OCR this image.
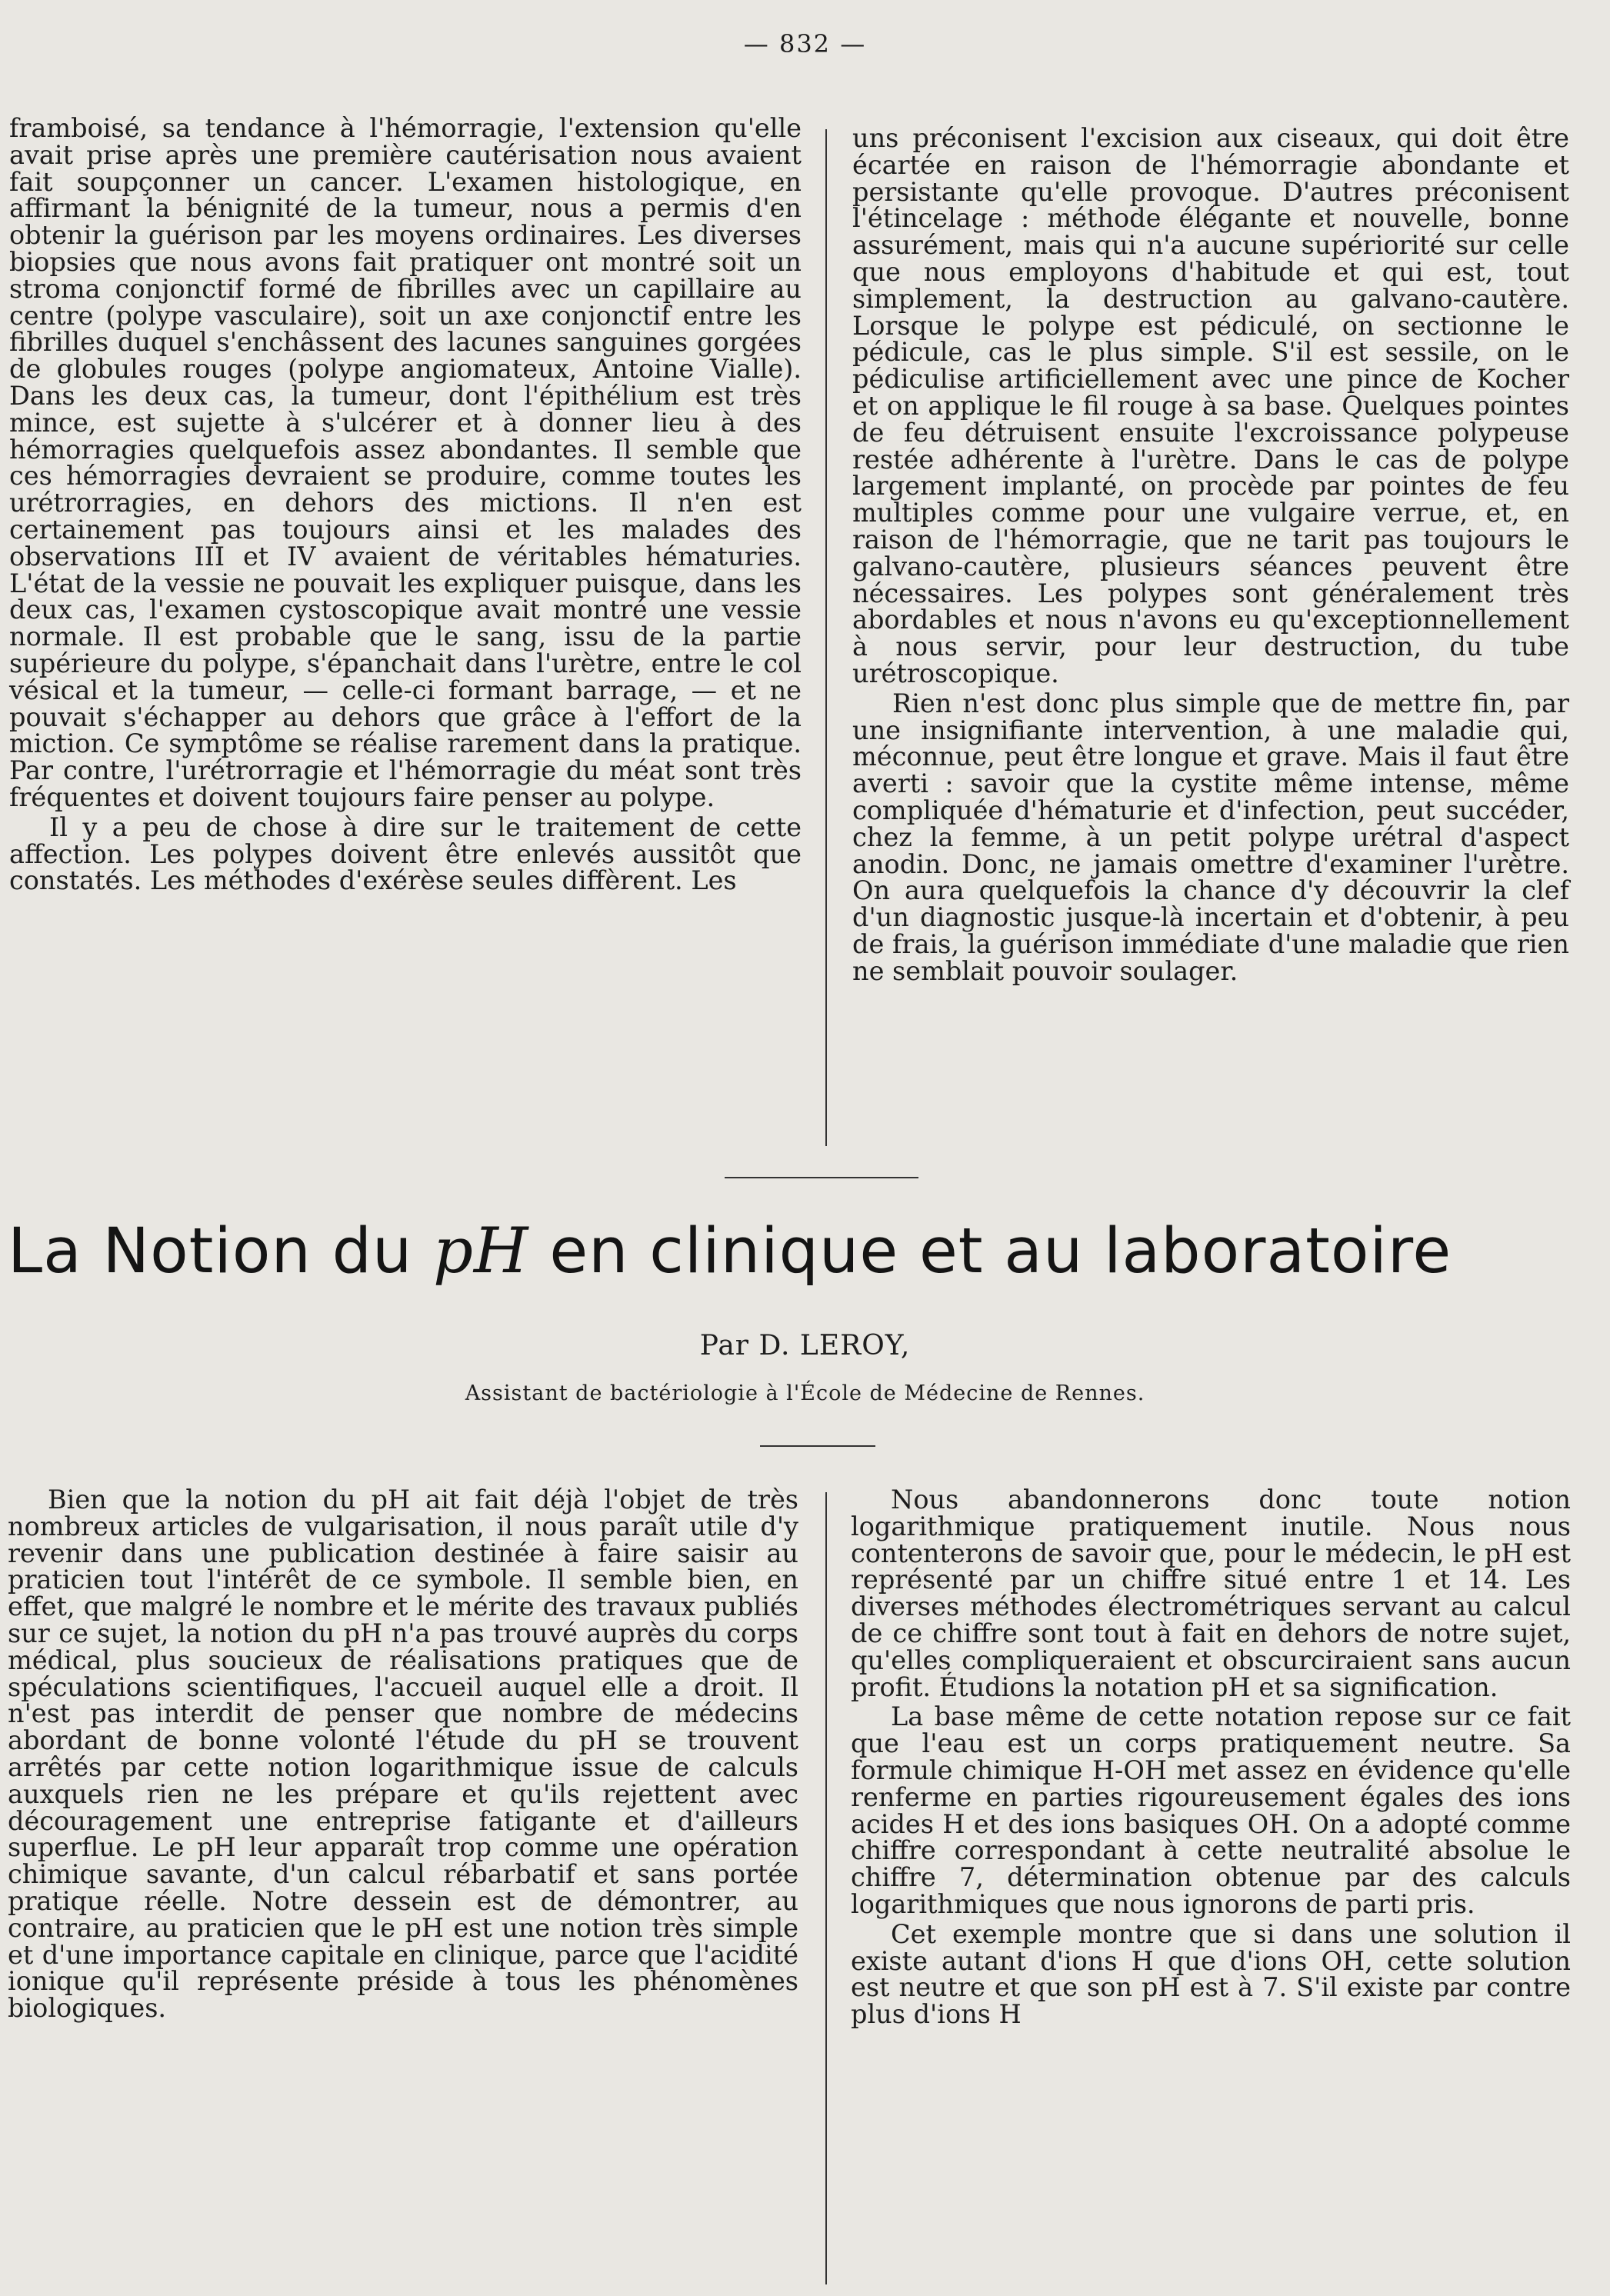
— 832 —

framboisé, sa tendance à l'hémorragie, l'extension qu'elle avait prise après une première cautérisation nous avaient fait soupçonner un cancer. L'examen histologique, en affirmant la bénignité de la tumeur, nous a permis d'en obtenir la guérison par les moyens ordinaires. Les diverses biopsies que nous avons fait pratiquer ont montré soit un stroma conjonctif formé de fibrilles avec un capillaire au centre (polype vasculaire), soit un axe conjonctif entre les fibrilles duquel s'enchâssent des lacunes sanguines gorgées de globules rouges (polype angiomateux, Antoine Vialle). Dans les deux cas, la tumeur, dont l'épithélium est très mince, est sujette à s'ulcérer et à donner lieu à des hémorragies quelquefois assez abondantes. Il semble que ces hémorragies devraient se produire, comme toutes les urétrorragies, en dehors des mictions. Il n'en est certainement pas toujours ainsi et les malades des observations III et IV avaient de véritables hématuries. L'état de la vessie ne pouvait les expliquer puisque, dans les deux cas, l'examen cystoscopique avait montré une vessie normale. Il est probable que le sang, issu de la partie supérieure du polype, s'épanchait dans l'urètre, entre le col vésical et la tumeur, — celle-ci formant barrage, — et ne pouvait s'échapper au dehors que grâce à l'effort de la miction. Ce symptôme se réalise rarement dans la pratique. Par contre, l'urétrorragie et l'hémorragie du méat sont très fréquentes et doivent toujours faire penser au polype.

Il y a peu de chose à dire sur le traitement de cette affection. Les polypes doivent être enlevés aussitôt que constatés. Les méthodes d'exérèse seules diffèrent. Les

uns préconisent l'excision aux ciseaux, qui doit être écartée en raison de l'hémorragie abondante et persistante qu'elle provoque. D'autres préconisent l'étincelage : méthode élégante et nouvelle, bonne assurément, mais qui n'a aucune supériorité sur celle que nous employons d'habitude et qui est, tout simplement, la destruction au galvano-cautère. Lorsque le polype est pédiculé, on sectionne le pédicule, cas le plus simple. S'il est sessile, on le pédiculise artificiellement avec une pince de Kocher et on applique le fil rouge à sa base. Quelques pointes de feu détruisent ensuite l'excroissance polypeuse restée adhérente à l'urètre. Dans le cas de polype largement implanté, on procède par pointes de feu multiples comme pour une vulgaire verrue, et, en raison de l'hémorragie, que ne tarit pas toujours le galvano-cautère, plusieurs séances peuvent être nécessaires. Les polypes sont généralement très abordables et nous n'avons eu qu'exceptionnellement à nous servir, pour leur destruction, du tube urétroscopique.

Rien n'est donc plus simple que de mettre fin, par une insignifiante intervention, à une maladie qui, méconnue, peut être longue et grave. Mais il faut être averti : savoir que la cystite même intense, même compliquée d'hématurie et d'infection, peut succéder, chez la femme, à un petit polype urétral d'aspect anodin. Donc, ne jamais omettre d'examiner l'urètre. On aura quelquefois la chance d'y découvrir la clef d'un diagnostic jusque-là incertain et d'obtenir, à peu de frais, la guérison immédiate d'une maladie que rien ne semblait pouvoir soulager.

La Notion du pH en clinique et au laboratoire
Par D. LEROY,
Assistant de bactériologie à l'École de Médecine de Rennes.

Bien que la notion du pH ait fait déjà l'objet de très nombreux articles de vulgarisation, il nous paraît utile d'y revenir dans une publication destinée à faire saisir au praticien tout l'intérêt de ce symbole. Il semble bien, en effet, que malgré le nombre et le mérite des travaux publiés sur ce sujet, la notion du pH n'a pas trouvé auprès du corps médical, plus soucieux de réalisations pratiques que de spéculations scientifiques, l'accueil auquel elle a droit. Il n'est pas interdit de penser que nombre de médecins abordant de bonne volonté l'étude du pH se trouvent arrêtés par cette notion logarithmique issue de calculs auxquels rien ne les prépare et qu'ils rejettent avec découragement une entreprise fatigante et d'ailleurs superflue. Le pH leur apparaît trop comme une opération chimique savante, d'un calcul rébarbatif et sans portée pratique réelle. Notre dessein est de démontrer, au contraire, au praticien que le pH est une notion très simple et d'une importance capitale en clinique, parce que l'acidité ionique qu'il représente préside à tous les phénomènes biologiques.

Nous abandonnerons donc toute notion logarithmique pratiquement inutile. Nous nous contenterons de savoir que, pour le médecin, le pH est représenté par un chiffre situé entre 1 et 14. Les diverses méthodes électrométriques servant au calcul de ce chiffre sont tout à fait en dehors de notre sujet, qu'elles compliqueraient et obscurciraient sans aucun profit. Étudions la notation pH et sa signification.

La base même de cette notation repose sur ce fait que l'eau est un corps pratiquement neutre. Sa formule chimique H-OH met assez en évidence qu'elle renferme en parties rigoureusement égales des ions acides H et des ions basiques OH. On a adopté comme chiffre correspondant à cette neutralité absolue le chiffre 7, détermination obtenue par des calculs logarithmiques que nous ignorons de parti pris.

Cet exemple montre que si dans une solution il existe autant d'ions H que d'ions OH, cette solution est neutre et que son pH est à 7. S'il existe par contre plus d'ions H
